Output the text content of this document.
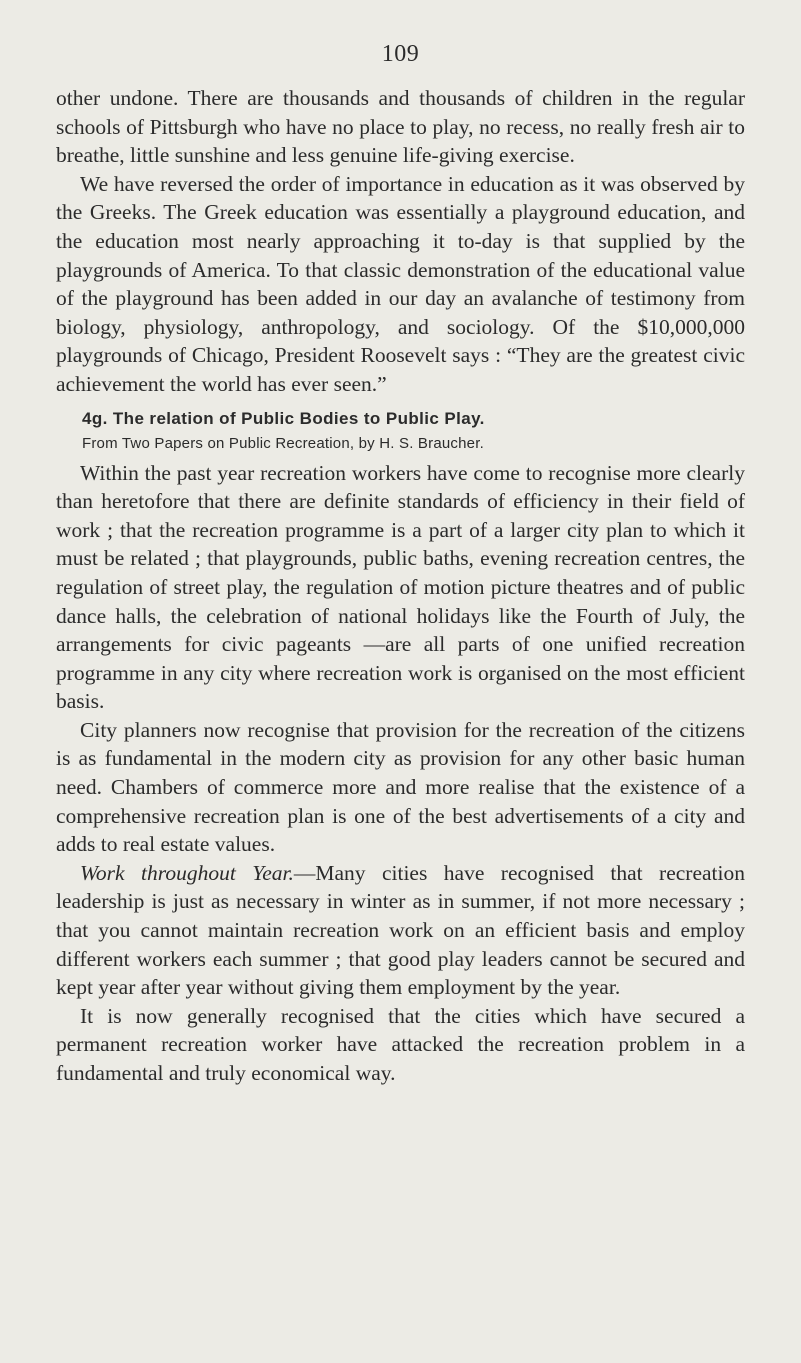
109

other undone. There are thousands and thousands of children in the regular schools of Pittsburgh who have no place to play, no recess, no really fresh air to breathe, little sunshine and less genuine life-giving exercise.

We have reversed the order of importance in education as it was observed by the Greeks. The Greek education was essentially a playground education, and the education most nearly approaching it to-day is that supplied by the playgrounds of America. To that classic demonstration of the educational value of the playground has been added in our day an avalanche of testimony from biology, physiology, anthropology, and sociology. Of the $10,000,000 playgrounds of Chicago, President Roosevelt says : “They are the greatest civic achievement the world has ever seen.”

4g. The relation of Public Bodies to Public Play.
From Two Papers on Public Recreation, by H. S. Braucher.

Within the past year recreation workers have come to recognise more clearly than heretofore that there are definite standards of efficiency in their field of work ; that the recreation programme is a part of a larger city plan to which it must be related ; that playgrounds, public baths, evening recreation centres, the regulation of street play, the regulation of motion picture theatres and of public dance halls, the celebration of national holidays like the Fourth of July, the arrangements for civic pageants —are all parts of one unified recreation programme in any city where recreation work is organised on the most efficient basis.

City planners now recognise that provision for the recreation of the citizens is as fundamental in the modern city as provision for any other basic human need. Chambers of commerce more and more realise that the existence of a comprehensive recreation plan is one of the best advertisements of a city and adds to real estate values.

Work throughout Year.—Many cities have recognised that recreation leadership is just as necessary in winter as in summer, if not more necessary ; that you cannot maintain recreation work on an efficient basis and employ different workers each summer ; that good play leaders cannot be secured and kept year after year without giving them employment by the year.

It is now generally recognised that the cities which have secured a permanent recreation worker have attacked the recreation problem in a fundamental and truly economical way.
